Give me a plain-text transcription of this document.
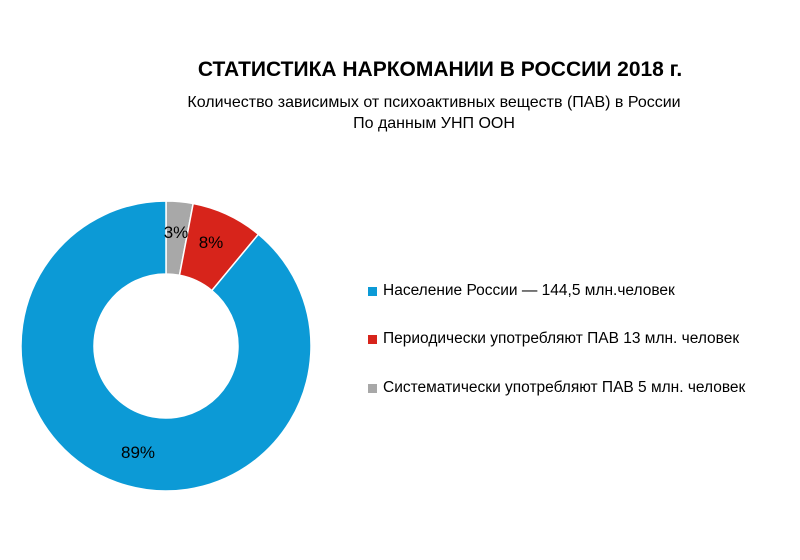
СТАТИСТИКА НАРКОМАНИИ В РОССИИ 2018 г.
Количество зависимых от психоактивных веществ (ПАВ) в России
По данным УНП ООН
89%
8%
3%
Население России — 144,5 млн.человек
Периодически употребляют ПАВ 13 млн. человек
Систематически употребляют ПАВ 5 млн. человек
